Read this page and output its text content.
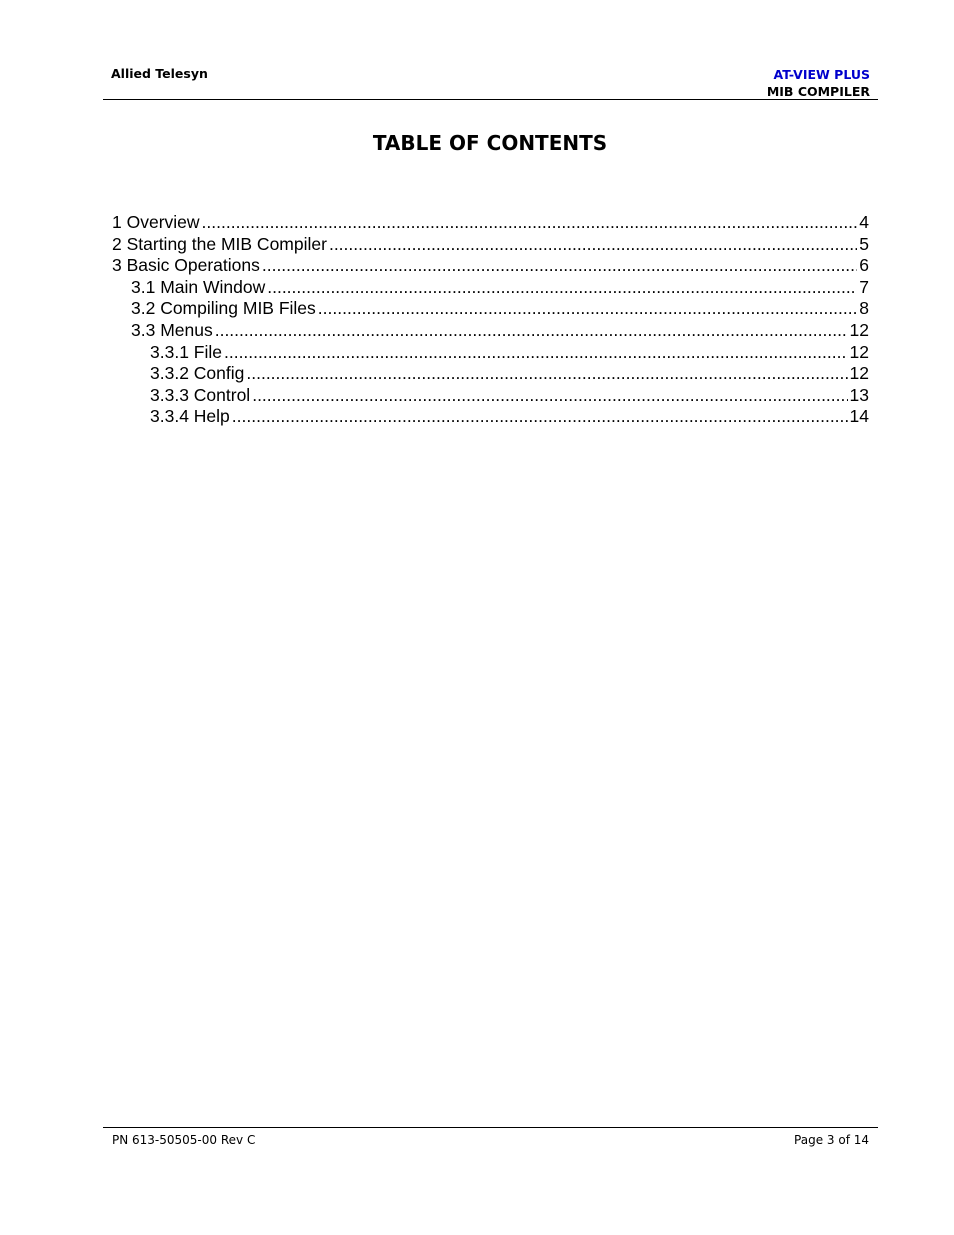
Allied Telesyn	AT-VIEW PLUS
MIB COMPILER
TABLE OF CONTENTS
1 Overview .....	4
2 Starting the MIB Compiler .....	5
3 Basic Operations .....	6
3.1 Main Window .....	7
3.2 Compiling MIB Files .....	8
3.3 Menus .....	12
3.3.1 File .....	12
3.3.2 Config .....	12
3.3.3 Control .....	13
3.3.4 Help .....	14
PN 613-50505-00 Rev C	Page 3 of 14
